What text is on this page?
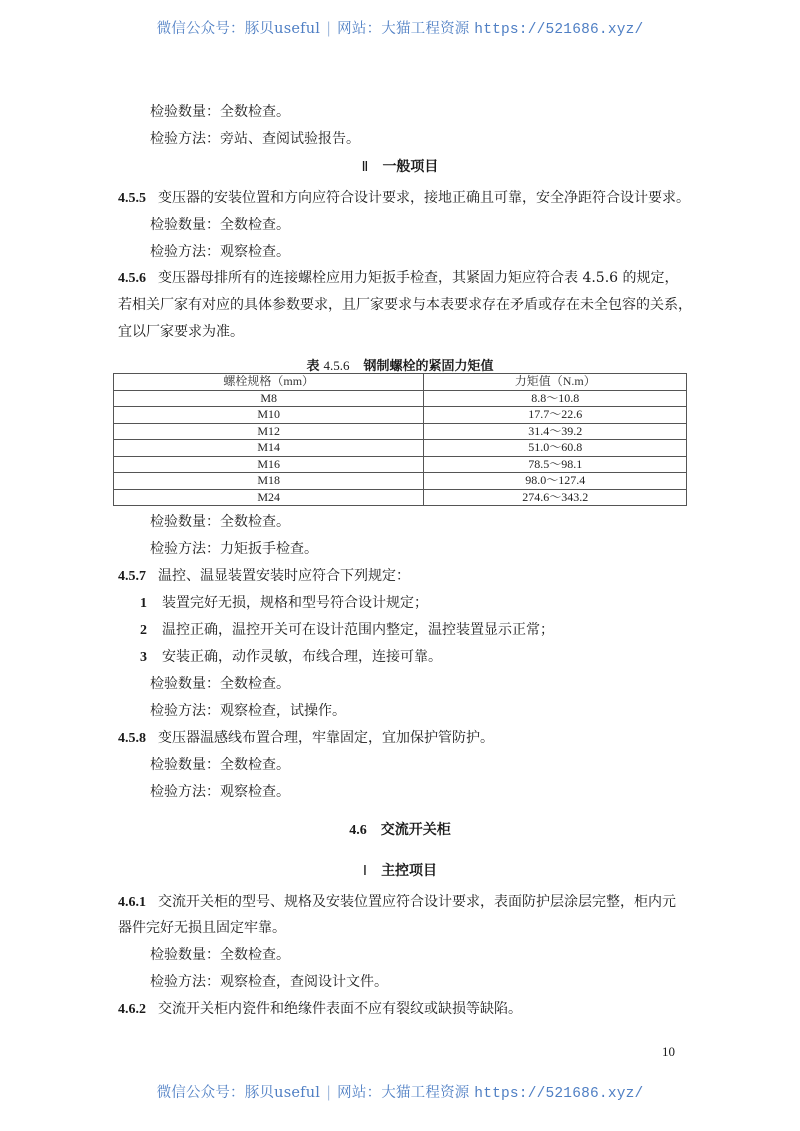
微信公众号：豚贝useful | 网站：大猫工程资源 https://521686.xyz/
检验数量：全数检查。
检验方法：旁站、查阅试验报告。
Ⅱ 一般项目
4.5.5 变压器的安装位置和方向应符合设计要求，接地正确且可靠，安全净距符合设计要求。
检验数量：全数检查。
检验方法：观察检查。
4.5.6 变压器母排所有的连接螺栓应用力矩扳手检查，其紧固力矩应符合表 4.5.6 的规定，
若相关厂家有对应的具体参数要求，且厂家要求与本表要求存在矛盾或存在未全包容的关系，
宜以厂家要求为准。
表 4.5.6 钢制螺栓的紧固力矩值
螺栓规格（mm）	力矩值（N.m）
M8	8.8～10.8
M10	17.7～22.6
M12	31.4～39.2
M14	51.0～60.8
M16	78.5～98.1
M18	98.0～127.4
M24	274.6～343.2
检验数量：全数检查。
检验方法：力矩扳手检查。
4.5.7 温控、温显装置安装时应符合下列规定：
1 装置完好无损，规格和型号符合设计规定；
2 温控正确，温控开关可在设计范围内整定，温控装置显示正常；
3 安装正确，动作灵敏，布线合理，连接可靠。
检验数量：全数检查。
检验方法：观察检查，试操作。
4.5.8 变压器温感线布置合理，牢靠固定，宜加保护管防护。
检验数量：全数检查。
检验方法：观察检查。
4.6 交流开关柜
Ⅰ 主控项目
4.6.1 交流开关柜的型号、规格及安装位置应符合设计要求，表面防护层涂层完整，柜内元
器件完好无损且固定牢靠。
检验数量：全数检查。
检验方法：观察检查，查阅设计文件。
4.6.2 交流开关柜内瓷件和绝缘件表面不应有裂纹或缺损等缺陷。
10
微信公众号：豚贝useful | 网站：大猫工程资源 https://521686.xyz/
